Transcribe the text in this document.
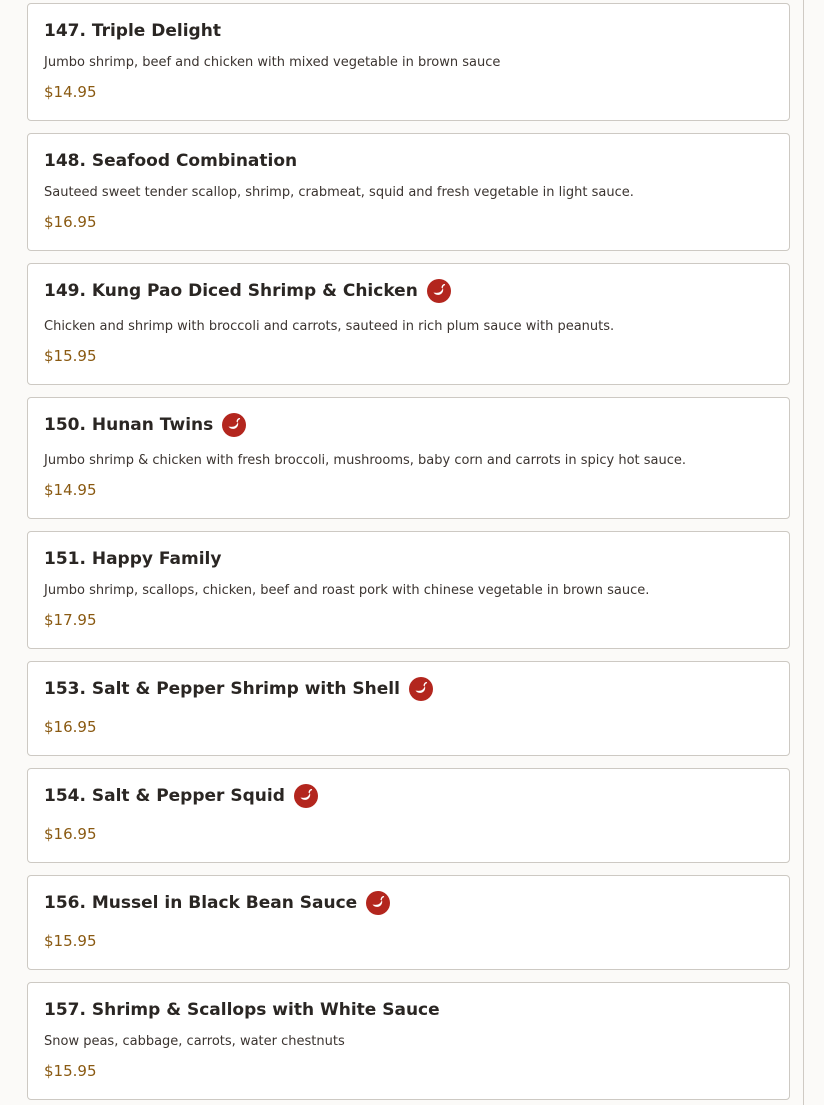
147. Triple Delight
Jumbo shrimp, beef and chicken with mixed vegetable in brown sauce
$14.95
148. Seafood Combination
Sauteed sweet tender scallop, shrimp, crabmeat, squid and fresh vegetable in light sauce.
$16.95
149. Kung Pao Diced Shrimp & Chicken
Chicken and shrimp with broccoli and carrots, sauteed in rich plum sauce with peanuts.
$15.95
150. Hunan Twins
Jumbo shrimp & chicken with fresh broccoli, mushrooms, baby corn and carrots in spicy hot sauce.
$14.95
151. Happy Family
Jumbo shrimp, scallops, chicken, beef and roast pork with chinese vegetable in brown sauce.
$17.95
153. Salt & Pepper Shrimp with Shell
$16.95
154. Salt & Pepper Squid
$16.95
156. Mussel in Black Bean Sauce
$15.95
157. Shrimp & Scallops with White Sauce
Snow peas, cabbage, carrots, water chestnuts
$15.95
